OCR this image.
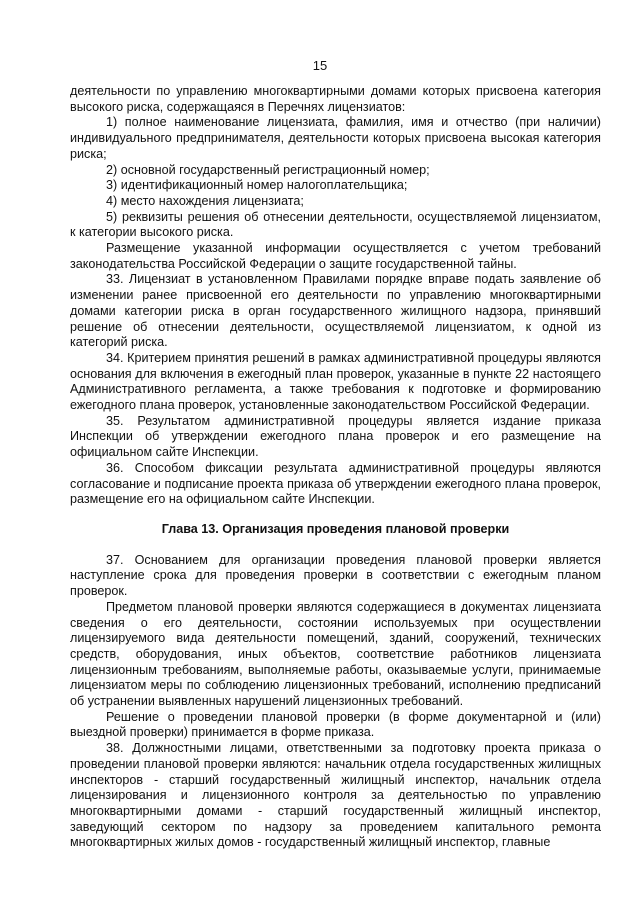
15

деятельности по управлению многоквартирными домами которых присвоена категория высокого риска, содержащаяся в Перечнях лицензиатов:

1) полное наименование лицензиата, фамилия, имя и отчество (при наличии) индивидуального предпринимателя, деятельности которых присвоена высокая категория риска;

2) основной государственный регистрационный номер;

3) идентификационный номер налогоплательщика;

4) место нахождения лицензиата;

5) реквизиты решения об отнесении деятельности, осуществляемой лицензиатом, к категории высокого риска.

Размещение указанной информации осуществляется с учетом требований законодательства Российской Федерации о защите государственной тайны.

33. Лицензиат в установленном Правилами порядке вправе подать заявление об изменении ранее присвоенной его деятельности по управлению многоквартирными домами категории риска в орган государственного жилищного надзора, принявший решение об отнесении деятельности, осуществляемой лицензиатом, к одной из категорий риска.

34. Критерием принятия решений в рамках административной процедуры являются основания для включения в ежегодный план проверок, указанные в пункте 22 настоящего Административного регламента, а также требования к подготовке и формированию ежегодного плана проверок, установленные законодательством Российской Федерации.

35. Результатом административной процедуры является издание приказа Инспекции об утверждении ежегодного плана проверок и его размещение на официальном сайте Инспекции.

36. Способом фиксации результата административной процедуры являются согласование и подписание проекта приказа об утверждении ежегодного плана проверок, размещение его на официальном сайте Инспекции.

Глава 13. Организация проведения плановой проверки

37. Основанием для организации проведения плановой проверки является наступление срока для проведения проверки в соответствии с ежегодным планом проверок.

Предметом плановой проверки являются содержащиеся в документах лицензиата сведения о его деятельности, состоянии используемых при осуществлении лицензируемого вида деятельности помещений, зданий, сооружений, технических средств, оборудования, иных объектов, соответствие работников лицензиата лицензионным требованиям, выполняемые работы, оказываемые услуги, принимаемые лицензиатом меры по соблюдению лицензионных требований, исполнению предписаний об устранении выявленных нарушений лицензионных требований.

Решение о проведении плановой проверки (в форме документарной и (или) выездной проверки) принимается в форме приказа.

38. Должностными лицами, ответственными за подготовку проекта приказа о проведении плановой проверки являются: начальник отдела государственных жилищных инспекторов - старший государственный жилищный инспектор, начальник отдела лицензирования и лицензионного контроля за деятельностью по управлению многоквартирными домами - старший государственный жилищный инспектор, заведующий сектором по надзору за проведением капитального ремонта многоквартирных жилых домов - государственный жилищный инспектор, главные
